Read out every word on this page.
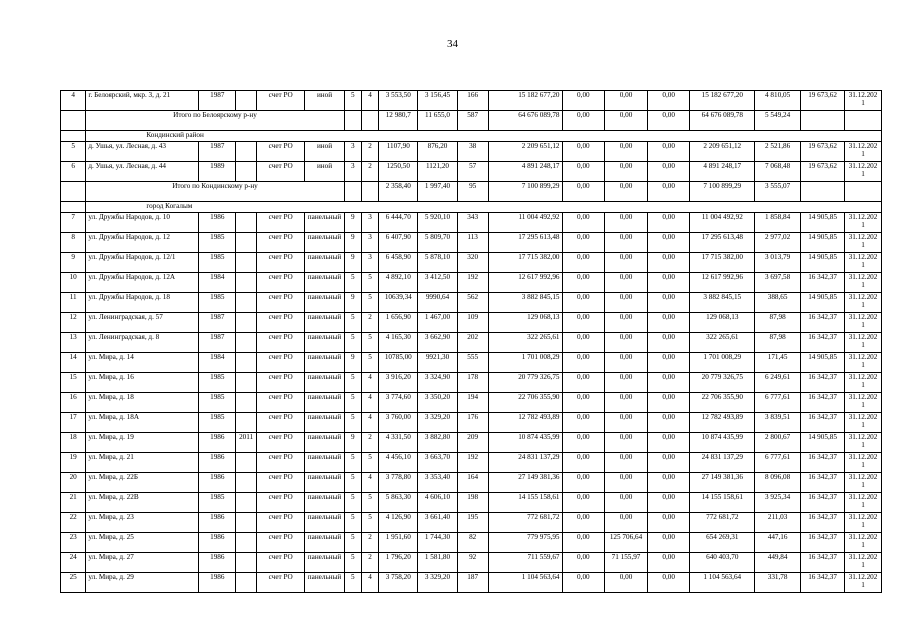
34
4	г. Белоярский, мкр. 3, д. 21	1987		счет РО	иной	5	4	3 553,50	3 156,45	166	15 182 677,20	0,00	0,00	0,00	15 182 677,20	4 810,05	19 673,62	31.12.2021
	Итого по Белоярскому р-ну							12 980,7	11 655,0	587	64 676 089,78	0,00	0,00	0,00	64 676 089,78	5 549,24		
	Кондинский район																	
5	д. Ушья, ул. Лесная, д. 43	1987		счет РО	иной	3	2	1107,90	876,20	38	2 209 651,12	0,00	0,00	0,00	2 209 651,12	2 521,86	19 673,62	31.12.2021
6	д. Ушья, ул. Лесная, д. 44	1989		счет РО	иной	3	2	1250,50	1121,20	57	4 891 248,17	0,00	0,00	0,00	4 891 248,17	7 068,48	19 673,62	31.12.2021
	Итого по Кондинскому р-ну							2 358,40	1 997,40	95	7 100 899,29	0,00	0,00	0,00	7 100 899,29	3 555,07		
	город Когалым																	
7	ул. Дружбы Народов, д. 10	1986		счет РО	панельный	9	3	6 444,70	5 920,10	343	11 004 492,92	0,00	0,00	0,00	11 004 492,92	1 858,84	14 905,85	31.12.2021
8	ул. Дружбы Народов, д. 12	1985		счет РО	панельный	9	3	6 407,90	5 809,70	113	17 295 613,48	0,00	0,00	0,00	17 295 613,48	2 977,02	14 905,85	31.12.2021
9	ул. Дружбы Народов, д. 12/1	1985		счет РО	панельный	9	3	6 458,90	5 878,10	320	17 715 382,00	0,00	0,00	0,00	17 715 382,00	3 013,79	14 905,85	31.12.2021
10	ул. Дружбы Народов, д. 12А	1984		счет РО	панельный	5	5	4 892,10	3 412,50	192	12 617 992,96	0,00	0,00	0,00	12 617 992,96	3 697,58	16 342,37	31.12.2021
11	ул. Дружбы Народов, д. 18	1985		счет РО	панельный	9	5	10639,34	9990,64	562	3 882 845,15	0,00	0,00	0,00	3 882 845,15	388,65	14 905,85	31.12.2021
12	ул. Ленинградская, д. 57	1987		счет РО	панельный	5	2	1 656,90	1 467,00	109	129 068,13	0,00	0,00	0,00	129 068,13	87,98	16 342,37	31.12.2021
13	ул. Ленинградская, д. 8	1987		счет РО	панельный	5	5	4 165,30	3 662,90	202	322 265,61	0,00	0,00	0,00	322 265,61	87,98	16 342,37	31.12.2021
14	ул. Мира, д. 14	1984		счет РО	панельный	9	5	10785,00	9921,30	555	1 701 008,29	0,00	0,00	0,00	1 701 008,29	171,45	14 905,85	31.12.2021
15	ул. Мира, д. 16	1985		счет РО	панельный	5	4	3 916,20	3 324,90	178	20 779 326,75	0,00	0,00	0,00	20 779 326,75	6 249,61	16 342,37	31.12.2021
16	ул. Мира, д. 18	1985		счет РО	панельный	5	4	3 774,60	3 350,20	194	22 706 355,90	0,00	0,00	0,00	22 706 355,90	6 777,61	16 342,37	31.12.2021
17	ул. Мира, д. 18А	1985		счет РО	панельный	5	4	3 760,00	3 329,20	176	12 782 493,89	0,00	0,00	0,00	12 782 493,89	3 839,51	16 342,37	31.12.2021
18	ул. Мира, д. 19	1986	2011	счет РО	панельный	9	2	4 331,50	3 882,80	209	10 874 435,99	0,00	0,00	0,00	10 874 435,99	2 800,67	14 905,85	31.12.2021
19	ул. Мира, д. 21	1986		счет РО	панельный	5	5	4 456,10	3 663,70	192	24 831 137,29	0,00	0,00	0,00	24 831 137,29	6 777,61	16 342,37	31.12.2021
20	ул. Мира, д. 22Б	1986		счет РО	панельный	5	4	3 778,80	3 353,40	164	27 149 381,36	0,00	0,00	0,00	27 149 381,36	8 096,08	16 342,37	31.12.2021
21	ул. Мира, д. 22В	1985		счет РО	панельный	5	5	5 863,30	4 606,10	198	14 155 158,61	0,00	0,00	0,00	14 155 158,61	3 925,34	16 342,37	31.12.2021
22	ул. Мира, д. 23	1986		счет РО	панельный	5	5	4 126,90	3 661,40	195	772 681,72	0,00	0,00	0,00	772 681,72	211,03	16 342,37	31.12.2021
23	ул. Мира, д. 25	1986		счет РО	панельный	5	2	1 951,60	1 744,30	82	779 975,95	0,00	125 706,64	0,00	654 269,31	447,16	16 342,37	31.12.2021
24	ул. Мира, д. 27	1986		счет РО	панельный	5	2	1 796,20	1 581,80	92	711 559,67	0,00	71 155,97	0,00	640 403,70	449,84	16 342,37	31.12.2021
25	ул. Мира, д. 29	1986		счет РО	панельный	5	4	3 758,20	3 329,20	187	1 104 563,64	0,00	0,00	0,00	1 104 563,64	331,78	16 342,37	31.12.2021
